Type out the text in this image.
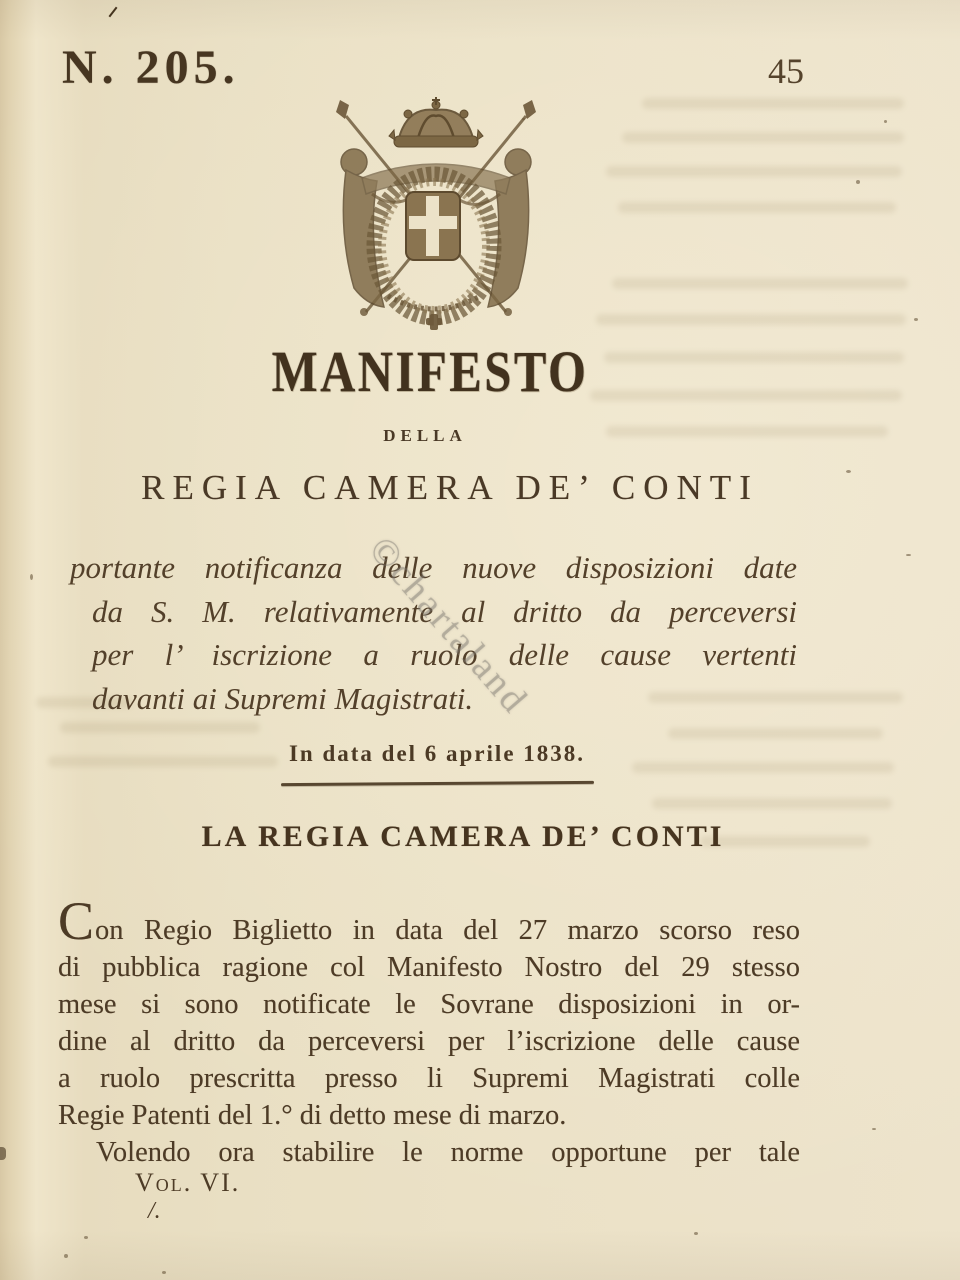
N. 205.	45
MANIFESTO
DELLA
REGIA CAMERA DE’ CONTI
portante notificanza delle nuove disposizioni date
da S. M. relativamente al dritto da perceversi
per l’ iscrizione a ruolo delle cause vertenti
davanti ai Supremi Magistrati.
In data del 6 aprile 1838.
LA REGIA CAMERA DE’ CONTI
Con Regio Biglietto in data del 27 marzo scorso reso
di pubblica ragione col Manifesto Nostro del 29 stesso
mese si sono notificate le Sovrane disposizioni in or-
dine al dritto da perceversi per l’iscrizione delle cause
a ruolo prescritta presso li Supremi Magistrati colle
Regie Patenti del 1.° di detto mese di marzo.
Volendo ora stabilire le norme opportune per tale
Vol. VI.
/.
©chartaland
